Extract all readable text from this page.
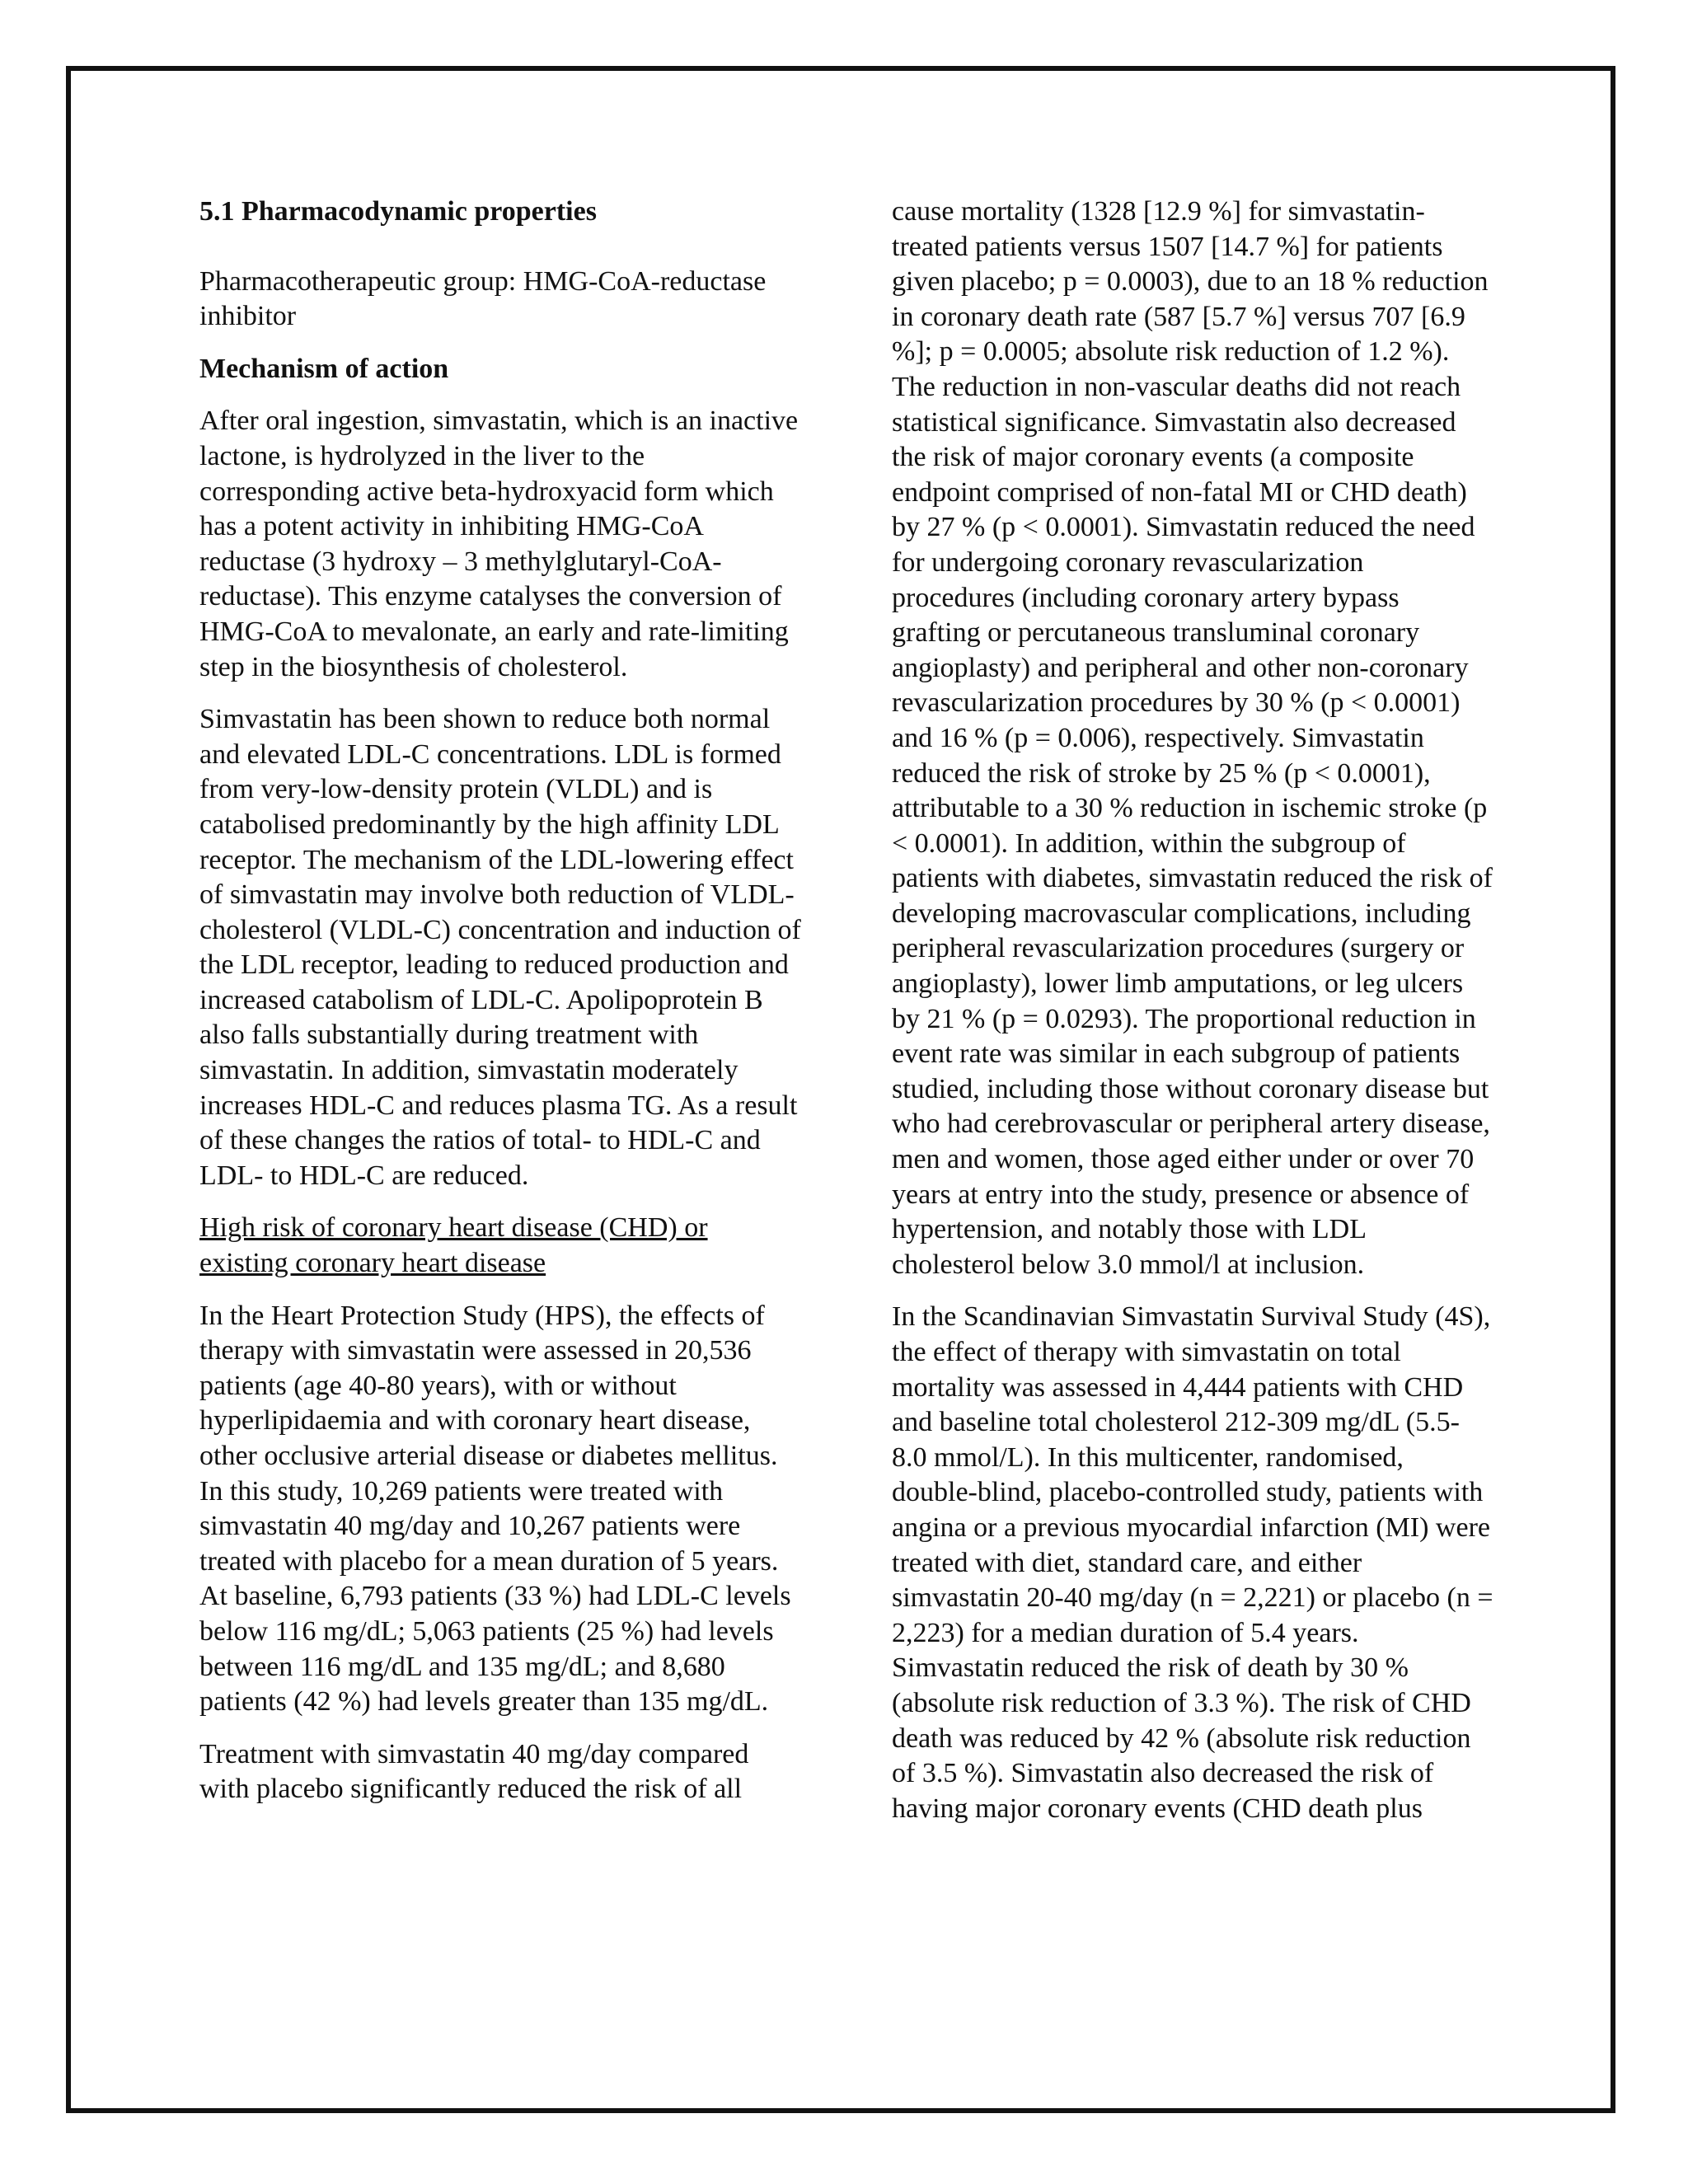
5.1 Pharmacodynamic properties

Pharmacotherapeutic group: HMG-CoA-reductase inhibitor

Mechanism of action

After oral ingestion, simvastatin, which is an inactive lactone, is hydrolyzed in the liver to the corresponding active beta-hydroxyacid form which has a potent activity in inhibiting HMG-CoA reductase (3 hydroxy – 3 methylglutaryl-CoA-reductase). This enzyme catalyses the conversion of HMG-CoA to mevalonate, an early and rate-limiting step in the biosynthesis of cholesterol.

Simvastatin has been shown to reduce both normal and elevated LDL-C concentrations. LDL is formed from very-low-density protein (VLDL) and is catabolised predominantly by the high affinity LDL receptor. The mechanism of the LDL-lowering effect of simvastatin may involve both reduction of VLDL-cholesterol (VLDL-C) concentration and induction of the LDL receptor, leading to reduced production and increased catabolism of LDL-C. Apolipoprotein B also falls substantially during treatment with simvastatin. In addition, simvastatin moderately increases HDL-C and reduces plasma TG. As a result of these changes the ratios of total- to HDL-C and LDL- to HDL-C are reduced.

High risk of coronary heart disease (CHD) or existing coronary heart disease

In the Heart Protection Study (HPS), the effects of therapy with simvastatin were assessed in 20,536 patients (age 40-80 years), with or without hyperlipidaemia and with coronary heart disease, other occlusive arterial disease or diabetes mellitus. In this study, 10,269 patients were treated with simvastatin 40 mg/day and 10,267 patients were treated with placebo for a mean duration of 5 years. At baseline, 6,793 patients (33 %) had LDL-C levels below 116 mg/dL; 5,063 patients (25 %) had levels between 116 mg/dL and 135 mg/dL; and 8,680 patients (42 %) had levels greater than 135 mg/dL.

Treatment with simvastatin 40 mg/day compared with placebo significantly reduced the risk of all

cause mortality (1328 [12.9 %] for simvastatin-treated patients versus 1507 [14.7 %] for patients given placebo; p = 0.0003), due to an 18 % reduction in coronary death rate (587 [5.7 %] versus 707 [6.9 %]; p = 0.0005; absolute risk reduction of 1.2 %). The reduction in non-vascular deaths did not reach statistical significance. Simvastatin also decreased the risk of major coronary events (a composite endpoint comprised of non-fatal MI or CHD death) by 27 % (p < 0.0001). Simvastatin reduced the need for undergoing coronary revascularization procedures (including coronary artery bypass grafting or percutaneous transluminal coronary angioplasty) and peripheral and other non-coronary revascularization procedures by 30 % (p < 0.0001) and 16 % (p = 0.006), respectively. Simvastatin reduced the risk of stroke by 25 % (p < 0.0001), attributable to a 30 % reduction in ischemic stroke (p < 0.0001). In addition, within the subgroup of patients with diabetes, simvastatin reduced the risk of developing macrovascular complications, including peripheral revascularization procedures (surgery or angioplasty), lower limb amputations, or leg ulcers by 21 % (p = 0.0293). The proportional reduction in event rate was similar in each subgroup of patients studied, including those without coronary disease but who had cerebrovascular or peripheral artery disease, men and women, those aged either under or over 70 years at entry into the study, presence or absence of hypertension, and notably those with LDL cholesterol below 3.0 mmol/l at inclusion.

In the Scandinavian Simvastatin Survival Study (4S), the effect of therapy with simvastatin on total mortality was assessed in 4,444 patients with CHD and baseline total cholesterol 212-309 mg/dL (5.5-8.0 mmol/L). In this multicenter, randomised, double-blind, placebo-controlled study, patients with angina or a previous myocardial infarction (MI) were treated with diet, standard care, and either simvastatin 20-40 mg/day (n = 2,221) or placebo (n = 2,223) for a median duration of 5.4 years. Simvastatin reduced the risk of death by 30 % (absolute risk reduction of 3.3 %). The risk of CHD death was reduced by 42 % (absolute risk reduction of 3.5 %). Simvastatin also decreased the risk of having major coronary events (CHD death plus
